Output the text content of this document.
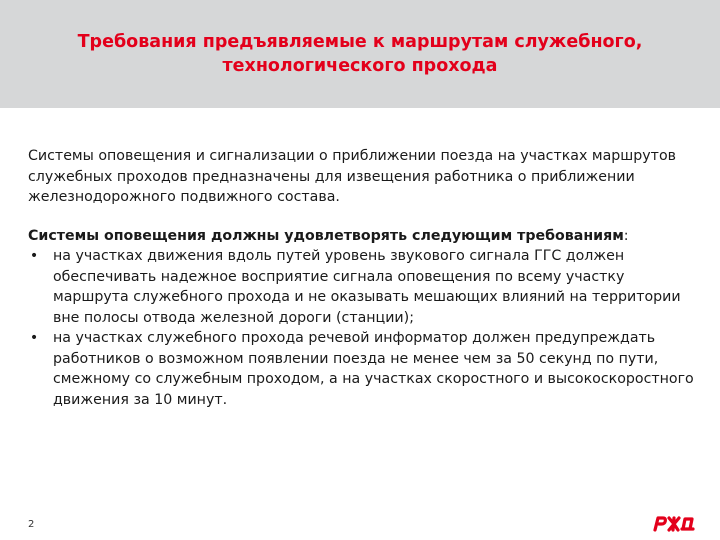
Требования предъявляемые к маршрутам служебного,
технологического прохода

Системы оповещения и сигнализации о приближении поезда на участках маршрутов служебных проходов предназначены для извещения работника о приближении железнодорожного подвижного состава.

Системы оповещения должны удовлетворять следующим требованиям:

• на участках движения вдоль путей уровень звукового сигнала ГГС должен обеспечивать надежное восприятие сигнала оповещения по всему участку маршрута служебного прохода и не оказывать мешающих влияний на территории вне полосы отвода железной дороги (станции);
• на участках служебного прохода речевой информатор должен предупреждать работников о возможном появлении поезда не менее чем за 50 секунд по пути, смежному со служебным проходом, а на участках скоростного и высокоскоростного движения за 10 минут.
2
